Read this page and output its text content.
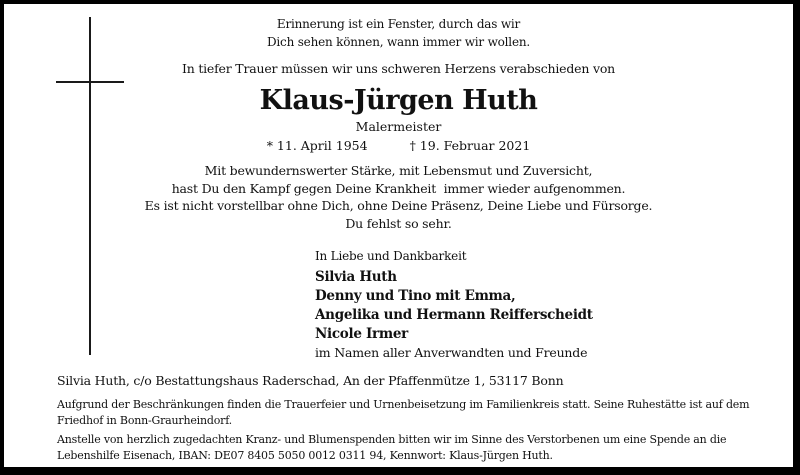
Erinnerung ist ein Fenster, durch das wir
Dich sehen können, wann immer wir wollen.
In tiefer Trauer müssen wir uns schweren Herzens verabschieden von
Klaus-Jürgen Huth
Malermeister
* 11. April 1954	† 19. Februar 2021
Mit bewundernswerter Stärke, mit Lebensmut und Zuversicht,
hast Du den Kampf gegen Deine Krankheit  immer wieder aufgenommen.
Es ist nicht vorstellbar ohne Dich, ohne Deine Präsenz, Deine Liebe und Fürsorge.
Du fehlst so sehr.
In Liebe und Dankbarkeit
Silvia Huth
Denny und Tino mit Emma,
Angelika und Hermann Reifferscheidt
Nicole Irmer
im Namen aller Anverwandten und Freunde
Silvia Huth, c/o Bestattungshaus Raderschad, An der Pfaffenmütze 1, 53117 Bonn
Aufgrund der Beschränkungen finden die Trauerfeier und Urnenbeisetzung im Familienkreis statt. Seine Ruhestätte ist auf dem Friedhof in Bonn-Graurheindorf.
Anstelle von herzlich zugedachten Kranz- und Blumenspenden bitten wir im Sinne des Verstorbenen um eine Spende an die Lebenshilfe Eisenach, IBAN: DE07 8405 5050 0012 0311 94, Kennwort: Klaus-Jürgen Huth.
